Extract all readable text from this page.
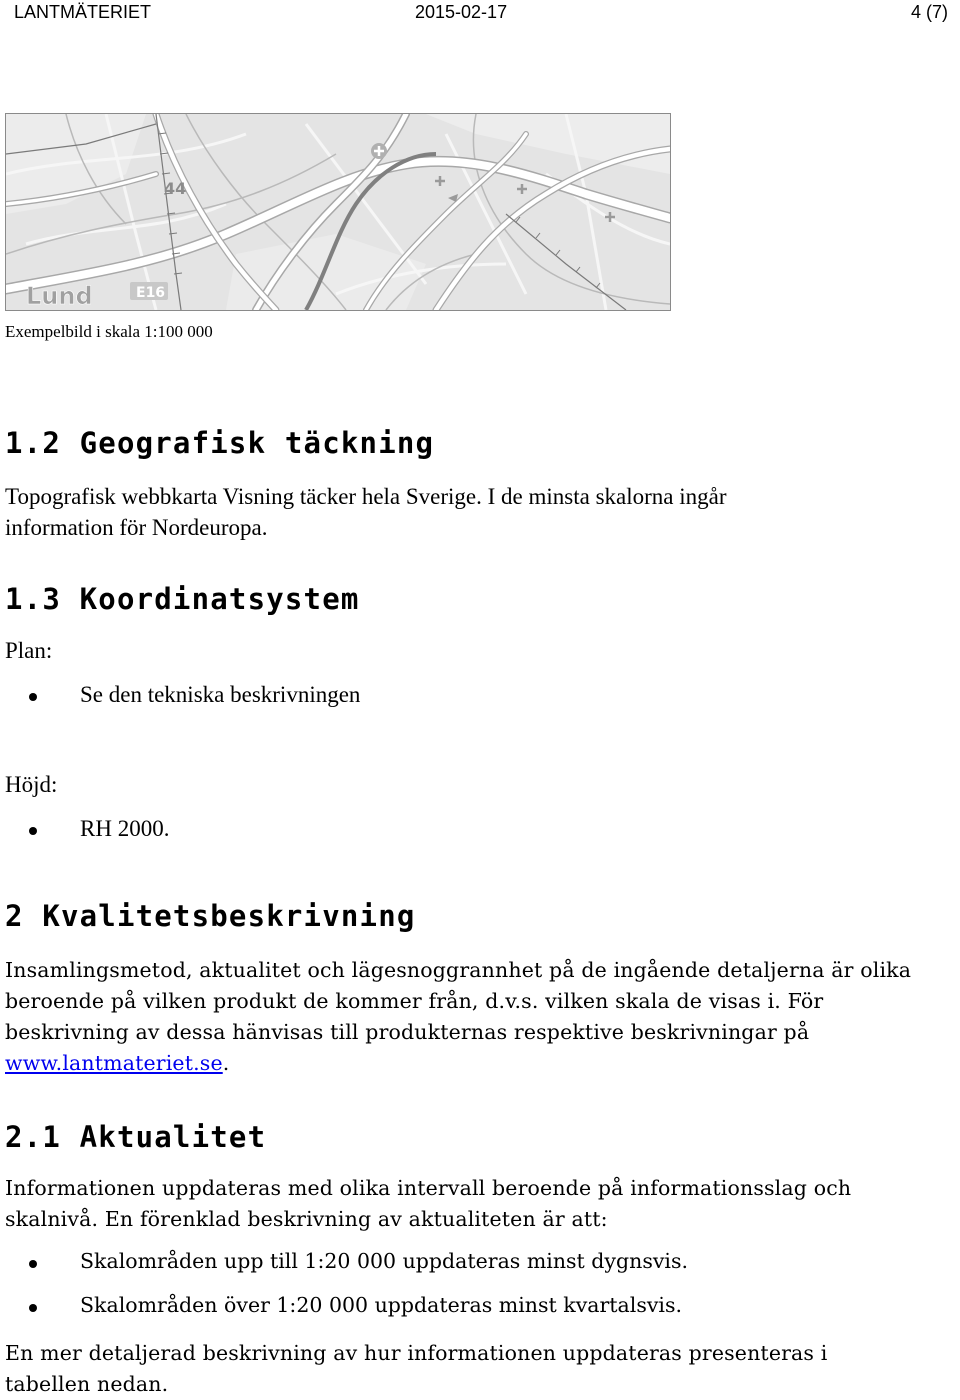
LANTMÄTERIET	2015-02-17	4 (7)
44
E16
Lund
Exempelbild i skala 1:100 000
1.2 Geografisk täckning

Topografisk webbkarta Visning täcker hela Sverige. I de minsta skalorna ingår

information för Nordeuropa.

1.3 Koordinatsystem
Plan:
Se den tekniska beskrivningen
Höjd:
RH 2000.
2 Kvalitetsbeskrivning

Insamlingsmetod, aktualitet och lägesnoggrannhet på de ingående detaljerna är olika

beroende på vilken produkt de kommer från, d.v.s. vilken skala de visas i. För

beskrivning av dessa hänvisas till produkternas respektive beskrivningar på

www.lantmateriet.se.

2.1 Aktualitet

Informationen uppdateras med olika intervall beroende på informationsslag och

skalnivå. En förenklad beskrivning av aktualiteten är att:

Skalområden upp till 1:20 000 uppdateras minst dygnsvis.
Skalområden över 1:20 000 uppdateras minst kvartalsvis.

En mer detaljerad beskrivning av hur informationen uppdateras presenteras i

tabellen nedan.
